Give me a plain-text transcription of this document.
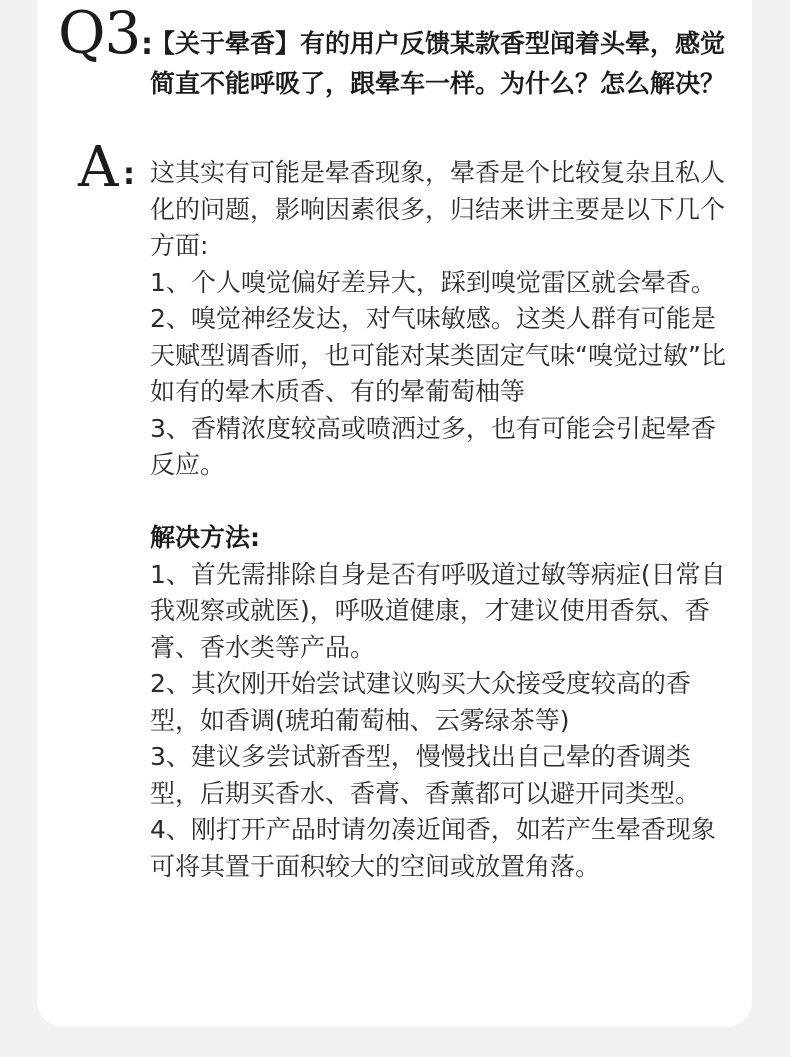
Q3 :

【关于晕香】有的用户反馈某款香型闻着头晕，感觉简直不能呼吸了，跟晕车一样。为什么？怎么解决？

A : 这其实有可能是晕香现象，晕香是个比较复杂且私人化的问题，影响因素很多，归结来讲主要是以下几个方面:

1、个人嗅觉偏好差异大，踩到嗅觉雷区就会晕香。

2、嗅觉神经发达，对气味敏感。这类人群有可能是天赋型调香师，也可能对某类固定气味“嗅觉过敏”比如有的晕木质香、有的晕葡萄柚等

3、香精浓度较高或喷洒过多，也有可能会引起晕香反应。

解决方法:

1、首先需排除自身是否有呼吸道过敏等病症(日常自我观察或就医)，呼吸道健康，才建议使用香氛、香膏、香水类等产品。

2、其次刚开始尝试建议购买大众接受度较高的香型，如香调(琥珀葡萄柚、云雾绿茶等)

3、建议多尝试新香型，慢慢找出自己晕的香调类型，后期买香水、香膏、香薰都可以避开同类型。

4、刚打开产品时请勿凑近闻香，如若产生晕香现象可将其置于面积较大的空间或放置角落。
